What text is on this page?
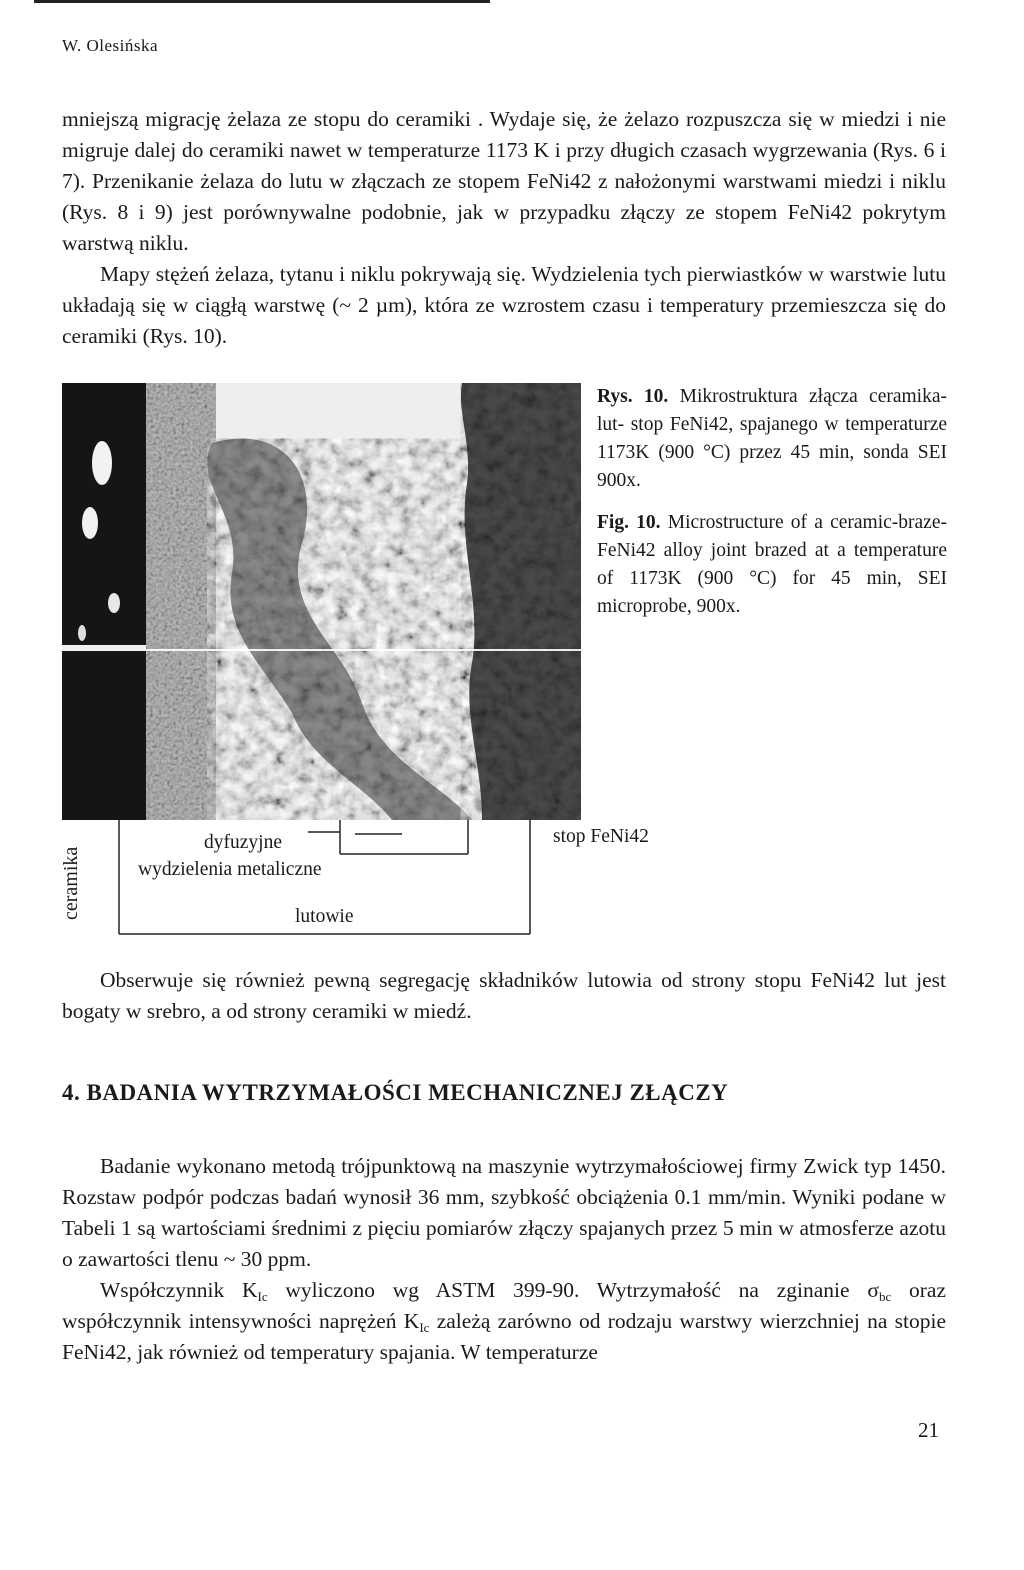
W. Olesińska

mniejszą migrację żelaza ze stopu do ceramiki . Wydaje się, że żelazo rozpuszcza się w miedzi i nie migruje dalej do ceramiki nawet w temperaturze 1173 K i przy długich czasach wygrzewania (Rys. 6 i 7). Przenikanie żelaza do lutu w złączach ze stopem FeNi42 z nałożonymi warstwami miedzi i niklu (Rys. 8 i 9) jest porównywalne podobnie, jak w przypadku złączy ze stopem FeNi42 pokrytym warstwą niklu.

Mapy stężeń żelaza, tytanu i niklu pokrywają się. Wydzielenia tych pierwiastków w warstwie lutu układają się w ciągłą warstwę (~ 2 µm), która ze wzrostem czasu i temperatury przemieszcza się do ceramiki (Rys. 10).

Rys. 10. Mikrostruktura złącza ceramika- lut- stop FeNi42, spajanego w temperaturze 1173K (900 °C) przez 45 min, sonda SEI 900x.

Fig. 10. Microstructure of a ceramic-braze-FeNi42 alloy joint brazed at a temperature of 1173K (900 °C) for 45 min, SEI microprobe, 900x.

ceramika
dyfuzyjne
wydzielenia metaliczne
lutowie
stop FeNi42

Obserwuje się również pewną segregację składników lutowia od strony stopu FeNi42 lut jest bogaty w srebro, a od strony ceramiki w miedź.

4. BADANIA WYTRZYMAŁOŚCI MECHANICZNEJ ZŁĄCZY

Badanie wykonano metodą trójpunktową na maszynie wytrzymałościowej firmy Zwick typ 1450. Rozstaw podpór podczas badań wynosił 36 mm, szybkość obciążenia 0.1 mm/min. Wyniki podane w Tabeli 1 są wartościami średnimi z pięciu pomiarów złączy spajanych przez 5 min w atmosferze azotu o zawartości tlenu ~ 30 ppm.

Współczynnik $K_{Ic}$ wyliczono wg ASTM 399-90. Wytrzymałość na zginanie $\sigma_{bc}$ oraz współczynnik intensywności naprężeń $K_{Ic}$ zależą zarówno od rodzaju warstwy wierzchniej na stopie FeNi42, jak również od temperatury spajania. W temperaturze

21
